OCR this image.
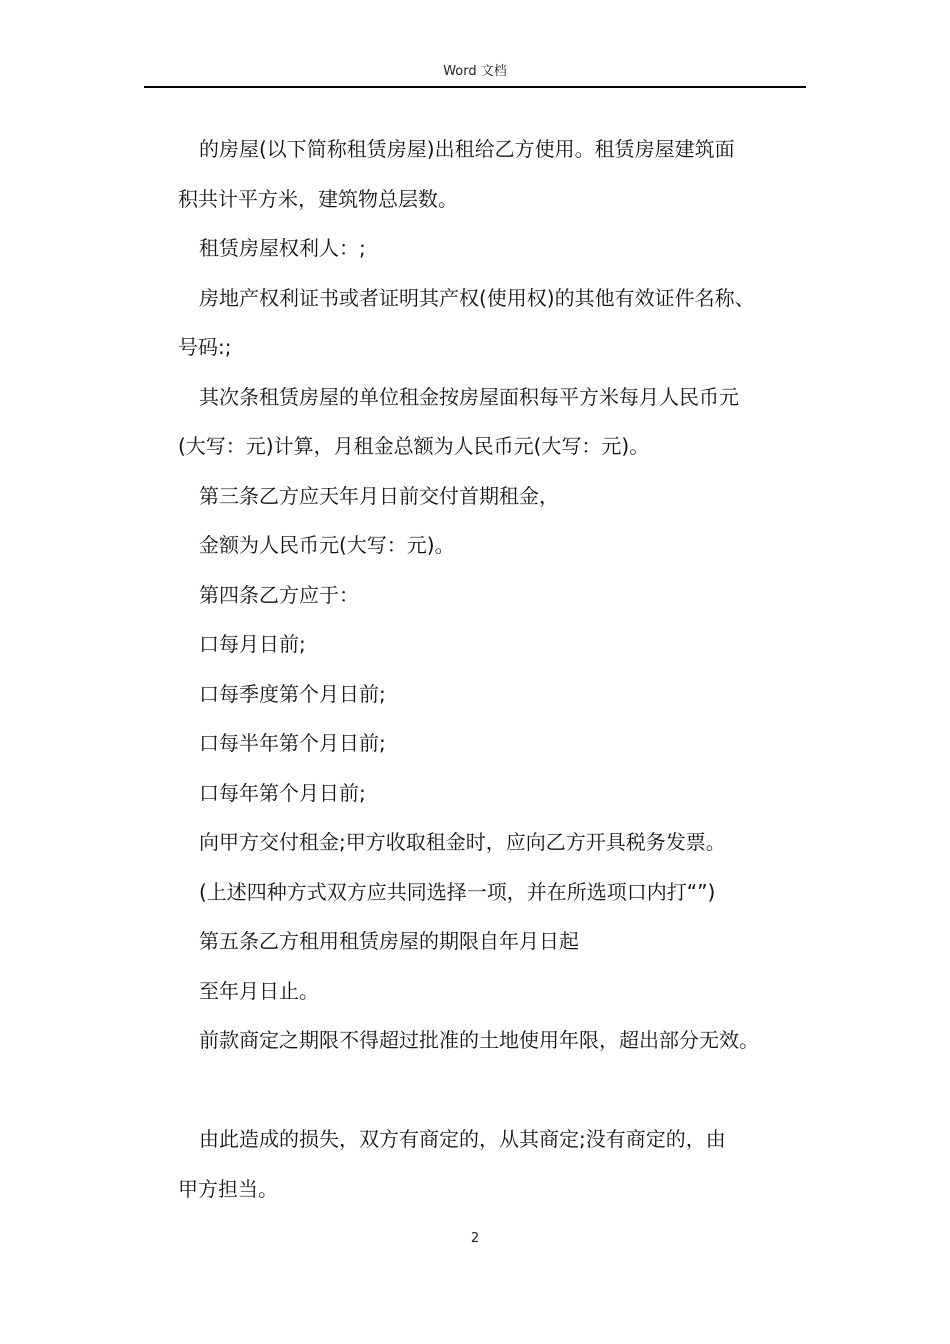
Word 文档
的房屋(以下简称租赁房屋)出租给乙方使用。租赁房屋建筑面
积共计平方米，建筑物总层数。
租赁房屋权利人：;
房地产权利证书或者证明其产权(使用权)的其他有效证件名称、
号码:;
其次条租赁房屋的单位租金按房屋面积每平方米每月人民币元
(大写：元)计算，月租金总额为人民币元(大写：元)。
第三条乙方应天年月日前交付首期租金，
金额为人民币元(大写：元)。
第四条乙方应于：
口每月日前;
口每季度第个月日前;
口每半年第个月日前;
口每年第个月日前;
向甲方交付租金;甲方收取租金时，应向乙方开具税务发票。
(上述四种方式双方应共同选择一项，并在所选项口内打“”)
第五条乙方租用租赁房屋的期限自年月日起
至年月日止。
前款商定之期限不得超过批准的土地使用年限，超出部分无效。
由此造成的损失，双方有商定的，从其商定;没有商定的，由
甲方担当。
2
